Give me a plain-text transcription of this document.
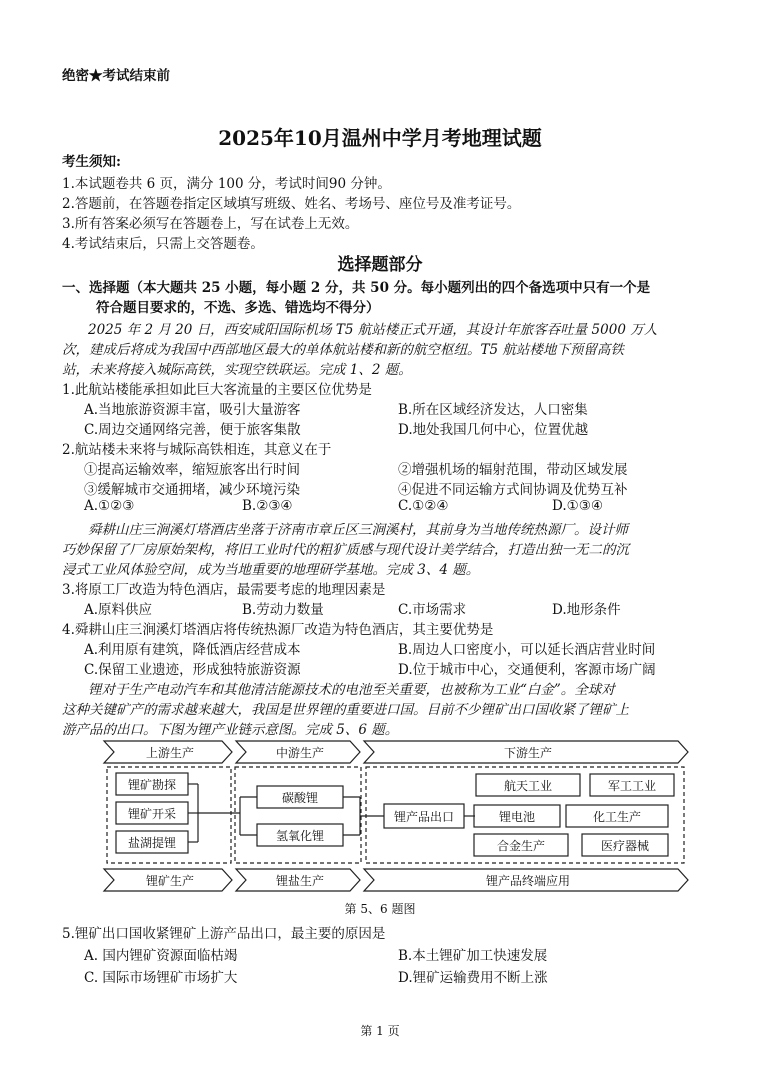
绝密★考试结束前
2025年10月温州中学月考地理试题
考生须知:
1.本试题卷共 6 页，满分 100 分，考试时间90 分钟。
2.答题前，在答题卷指定区域填写班级、姓名、考场号、座位号及准考证号。
3.所有答案必须写在答题卷上，写在试卷上无效。
4.考试结束后，只需上交答题卷。
选择题部分
一、选择题（本大题共 25 小题，每小题 2 分，共 50 分。每小题列出的四个备选项中只有一个是
符合题目要求的，不选、多选、错选均不得分）
2025 年 2 月 20 日，西安咸阳国际机场 T5 航站楼正式开通，其设计年旅客吞吐量 5000 万人
次，建成后将成为我国中西部地区最大的单体航站楼和新的航空枢纽。T5 航站楼地下预留高铁
站，未来将接入城际高铁，实现空铁联运。完成 1、2 题。
1.此航站楼能承担如此巨大客流量的主要区位优势是
A.当地旅游资源丰富，吸引大量游客	B.所在区域经济发达，人口密集
C.周边交通网络完善，便于旅客集散	D.地处我国几何中心，位置优越
2.航站楼未来将与城际高铁相连，其意义在于
①提高运输效率，缩短旅客出行时间	②增强机场的辐射范围，带动区域发展
③缓解城市交通拥堵，减少环境污染	④促进不同运输方式间协调及优势互补
A.①②③	B.②③④	C.①②④	D.①③④
舜耕山庄三涧溪灯塔酒店坐落于济南市章丘区三涧溪村，其前身为当地传统热源厂。设计师
巧妙保留了厂房原始架构，将旧工业时代的粗犷质感与现代设计美学结合，打造出独一无二的沉
浸式工业风体验空间，成为当地重要的地理研学基地。完成 3、4 题。
3.将原工厂改造为特色酒店，最需要考虑的地理因素是
A.原料供应	B.劳动力数量	C.市场需求	D.地形条件
4.舜耕山庄三涧溪灯塔酒店将传统热源厂改造为特色酒店，其主要优势是
A.利用原有建筑，降低酒店经营成本	B.周边人口密度小，可以延长酒店营业时间
C.保留工业遗迹，形成独特旅游资源	D.位于城市中心，交通便利，客源市场广阔
锂对于生产电动汽车和其他清洁能源技术的电池至关重要，也被称为工业“白金”。全球对
这种关键矿产的需求越来越大，我国是世界锂的重要进口国。目前不少锂矿出口国收紧了锂矿上
游产品的出口。下图为锂产业链示意图。完成 5、6 题。
上游生产	中游生产	下游生产
锂矿勘探
锂矿开采
盐湖提锂
碳酸锂
氢氧化锂
锂产品出口
航天工业	军工工业
锂电池	化工生产
合金生产	医疗器械
锂矿生产	锂盐生产	锂产品终端应用
第 5、6 题图
5.锂矿出口国收紧锂矿上游产品出口，最主要的原因是
A. 国内锂矿资源面临枯竭	B.本土锂矿加工快速发展
C. 国际市场锂矿市场扩大	D.锂矿运输费用不断上涨
第 1 页
